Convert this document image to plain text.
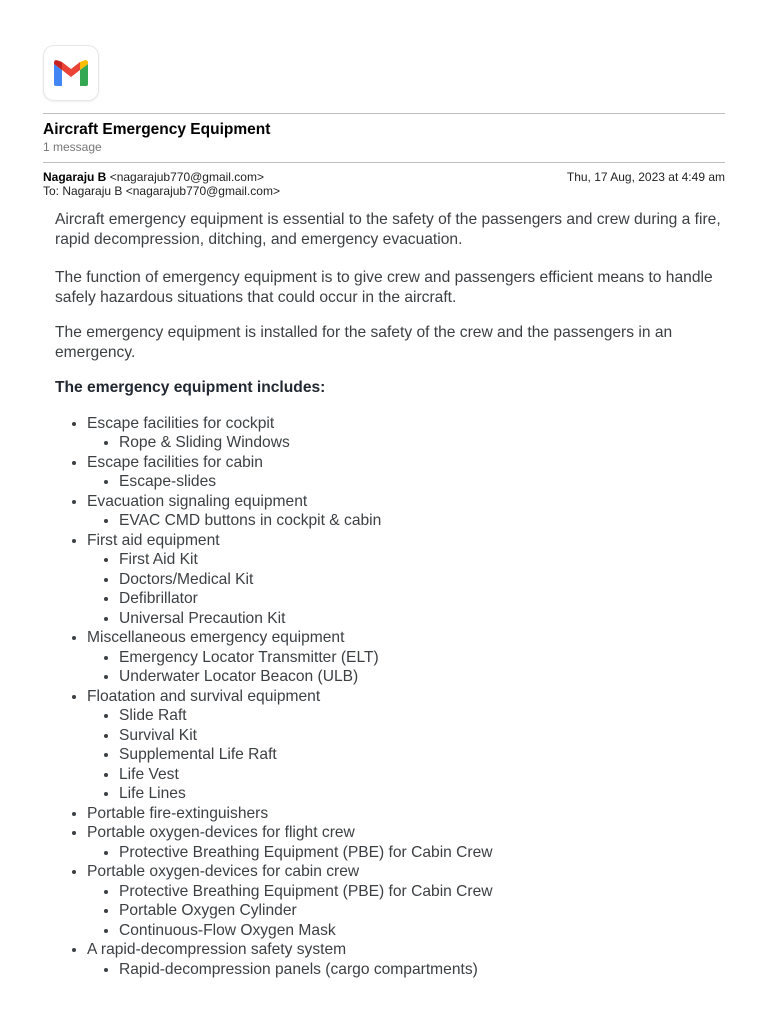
Aircraft Emergency Equipment
1 message
Nagaraju B <nagarajub770@gmail.com>
To: Nagaraju B <nagarajub770@gmail.com>
Thu, 17 Aug, 2023 at 4:49 am

Aircraft emergency equipment is essential to the safety of the passengers and crew during a fire, rapid decompression, ditching, and emergency evacuation.

The function of emergency equipment is to give crew and passengers efficient means to handle safely hazardous situations that could occur in the aircraft.

The emergency equipment is installed for the safety of the crew and the passengers in an emergency.

The emergency equipment includes:

• Escape facilities for cockpit
• Rope & Sliding Windows
• Escape facilities for cabin
• Escape-slides
• Evacuation signaling equipment
• EVAC CMD buttons in cockpit & cabin
• First aid equipment
• First Aid Kit
• Doctors/Medical Kit
• Defibrillator
• Universal Precaution Kit
• Miscellaneous emergency equipment
• Emergency Locator Transmitter (ELT)
• Underwater Locator Beacon (ULB)
• Floatation and survival equipment
• Slide Raft
• Survival Kit
• Supplemental Life Raft
• Life Vest
• Life Lines
• Portable fire-extinguishers
• Portable oxygen-devices for flight crew
• Protective Breathing Equipment (PBE) for Cabin Crew
• Portable oxygen-devices for cabin crew
• Protective Breathing Equipment (PBE) for Cabin Crew
• Portable Oxygen Cylinder
• Continuous-Flow Oxygen Mask
• A rapid-decompression safety system
• Rapid-decompression panels (cargo compartments)
